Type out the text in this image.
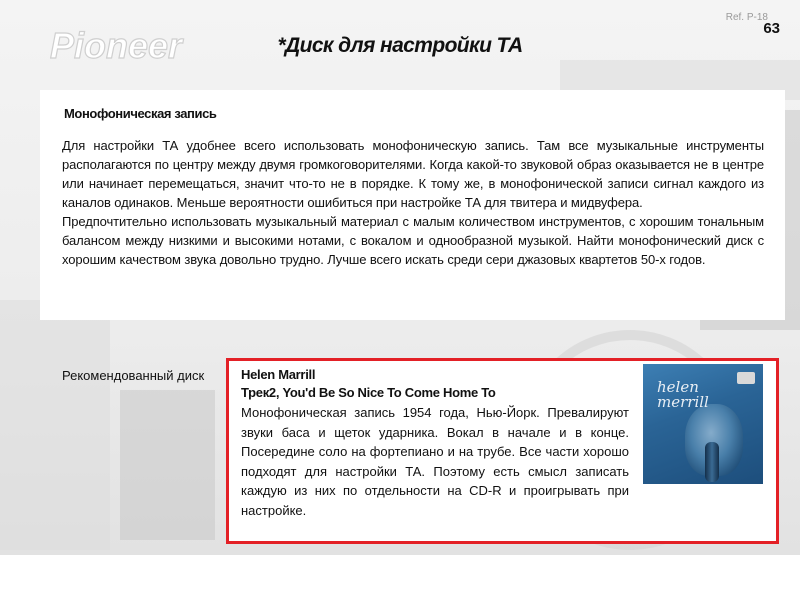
Pioneer
Ref. P-18
63
*Диск для настройки ТА
Монофоническая запись

Для настройки ТА удобнее всего использовать монофоническую запись. Там все музыкальные инструменты располагаются по центру между двумя громкоговорителями. Когда какой-то звуковой образ оказывается не в центре или начинает перемещаться, значит что-то не в порядке. К тому же, в монофонической записи сигнал каждого из каналов одинаков. Меньше вероятности ошибиться при настройке ТА для твитера и мидвуфера.

Предпочтительно использовать музыкальный материал с малым количеством инструментов, с хорошим тональным балансом между низкими и высокими нотами, с вокалом и однообразной музыкой. Найти монофонический диск с хорошим качеством звука довольно трудно. Лучше всего искать среди сери джазовых квартетов 50-х годов.

Рекомендованный диск	Helen Marrill
Трек2, You'd Be So Nice To Come Home To
Монофоническая запись 1954 года, Нью-Йорк. Превалируют звуки баса и щеток ударника. Вокал в начале и в конце. Посередине соло на фортепиано и на трубе. Все части хорошо подходят для настройки ТА. Поэтому есть смысл записать каждую из них по отдельности на CD-R и проигрывать при настройке.
helen
merrill
